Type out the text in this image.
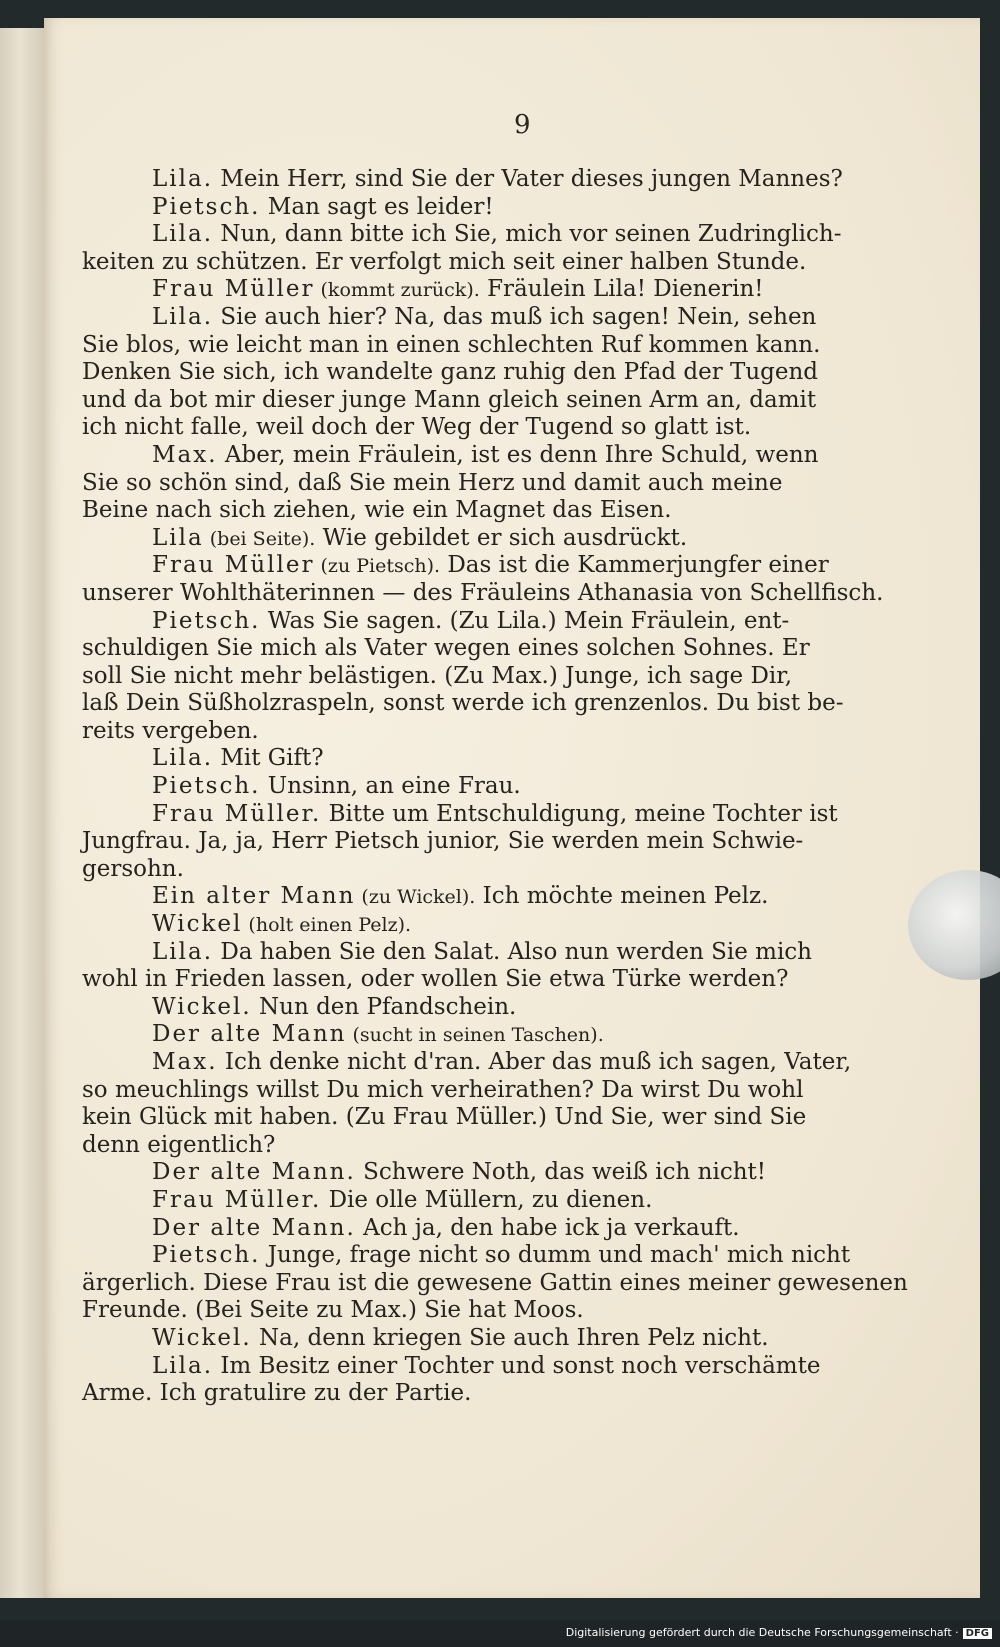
9
Lila. Mein Herr, sind Sie der Vater dieses jungen Mannes?
Pietsch. Man sagt es leider!
Lila. Nun, dann bitte ich Sie, mich vor seinen Zudringlich-
keiten zu schützen. Er verfolgt mich seit einer halben Stunde.
Frau Müller (kommt zurück). Fräulein Lila! Dienerin!
Lila. Sie auch hier? Na, das muß ich sagen! Nein, sehen
Sie blos, wie leicht man in einen schlechten Ruf kommen kann.
Denken Sie sich, ich wandelte ganz ruhig den Pfad der Tugend
und da bot mir dieser junge Mann gleich seinen Arm an, damit
ich nicht falle, weil doch der Weg der Tugend so glatt ist.
Max. Aber, mein Fräulein, ist es denn Ihre Schuld, wenn
Sie so schön sind, daß Sie mein Herz und damit auch meine
Beine nach sich ziehen, wie ein Magnet das Eisen.
Lila (bei Seite). Wie gebildet er sich ausdrückt.
Frau Müller (zu Pietsch). Das ist die Kammerjungfer einer
unserer Wohlthäterinnen — des Fräuleins Athanasia von Schellfisch.
Pietsch. Was Sie sagen. (Zu Lila.) Mein Fräulein, ent-
schuldigen Sie mich als Vater wegen eines solchen Sohnes. Er
soll Sie nicht mehr belästigen. (Zu Max.) Junge, ich sage Dir,
laß Dein Süßholzraspeln, sonst werde ich grenzenlos. Du bist be-
reits vergeben.
Lila. Mit Gift?
Pietsch. Unsinn, an eine Frau.
Frau Müller. Bitte um Entschuldigung, meine Tochter ist
Jungfrau. Ja, ja, Herr Pietsch junior, Sie werden mein Schwie-
gersohn.
Ein alter Mann (zu Wickel). Ich möchte meinen Pelz.
Wickel (holt einen Pelz).
Lila. Da haben Sie den Salat. Also nun werden Sie mich
wohl in Frieden lassen, oder wollen Sie etwa Türke werden?
Wickel. Nun den Pfandschein.
Der alte Mann (sucht in seinen Taschen).
Max. Ich denke nicht d'ran. Aber das muß ich sagen, Vater,
so meuchlings willst Du mich verheirathen? Da wirst Du wohl
kein Glück mit haben. (Zu Frau Müller.) Und Sie, wer sind Sie
denn eigentlich?
Der alte Mann. Schwere Noth, das weiß ich nicht!
Frau Müller. Die olle Müllern, zu dienen.
Der alte Mann. Ach ja, den habe ick ja verkauft.
Pietsch. Junge, frage nicht so dumm und mach' mich nicht
ärgerlich. Diese Frau ist die gewesene Gattin eines meiner gewesenen
Freunde. (Bei Seite zu Max.) Sie hat Moos.
Wickel. Na, denn kriegen Sie auch Ihren Pelz nicht.
Lila. Im Besitz einer Tochter und sonst noch verschämte
Arme. Ich gratulire zu der Partie.
Digitalisierung gefördert durch die Deutsche Forschungsgemeinschaft · DFG
